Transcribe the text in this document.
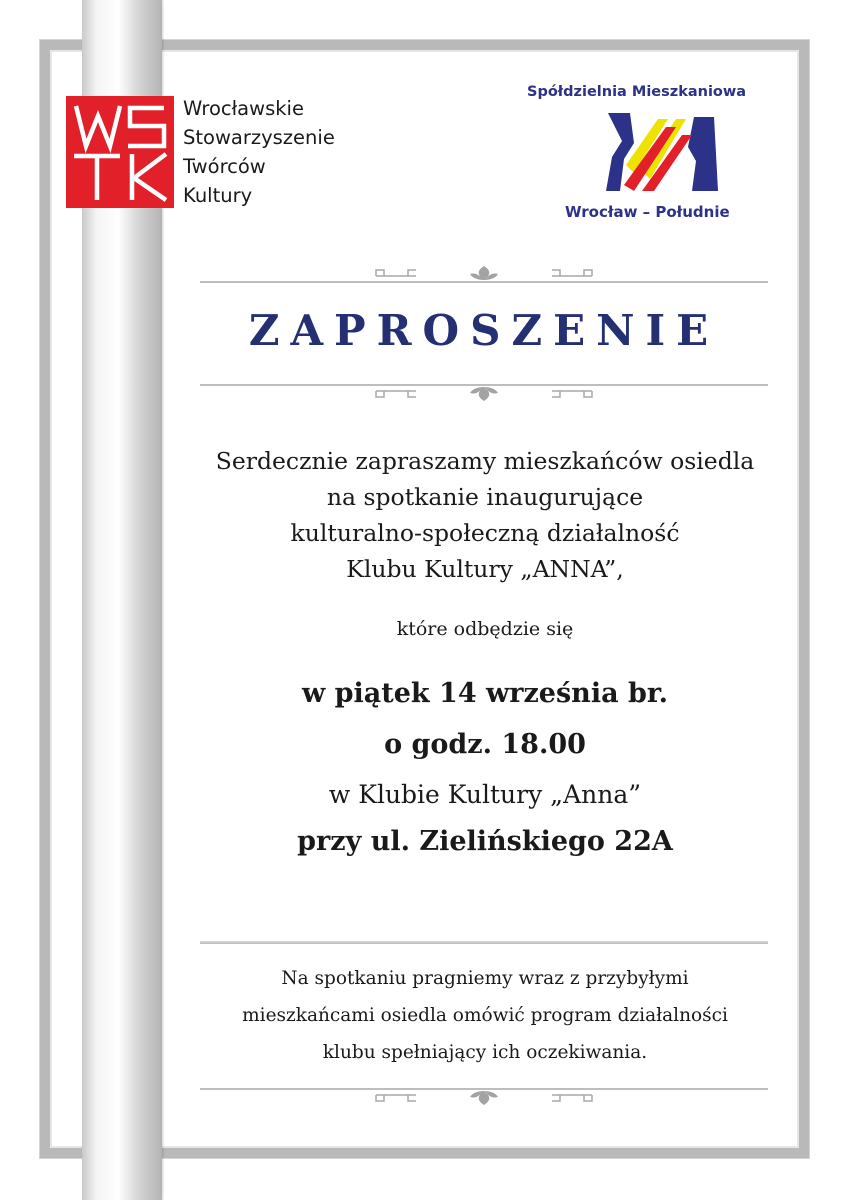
Wrocławskie
Stowarzyszenie
Twórców
Kultury
Spółdzielnia Mieszkaniowa
Wrocław – Południe
ZAPROSZENIE
Serdecznie zapraszamy mieszkańców osiedla
na spotkanie inaugurujące
kulturalno-społeczną działalność
Klubu Kultury „ANNA”,
które odbędzie się
w piątek 14 września br.
o godz. 18.00
w Klubie Kultury „Anna”
przy ul. Zielińskiego 22A
Na spotkaniu pragniemy wraz z przybyłymi
mieszkańcami osiedla omówić program działalności
klubu spełniający ich oczekiwania.
